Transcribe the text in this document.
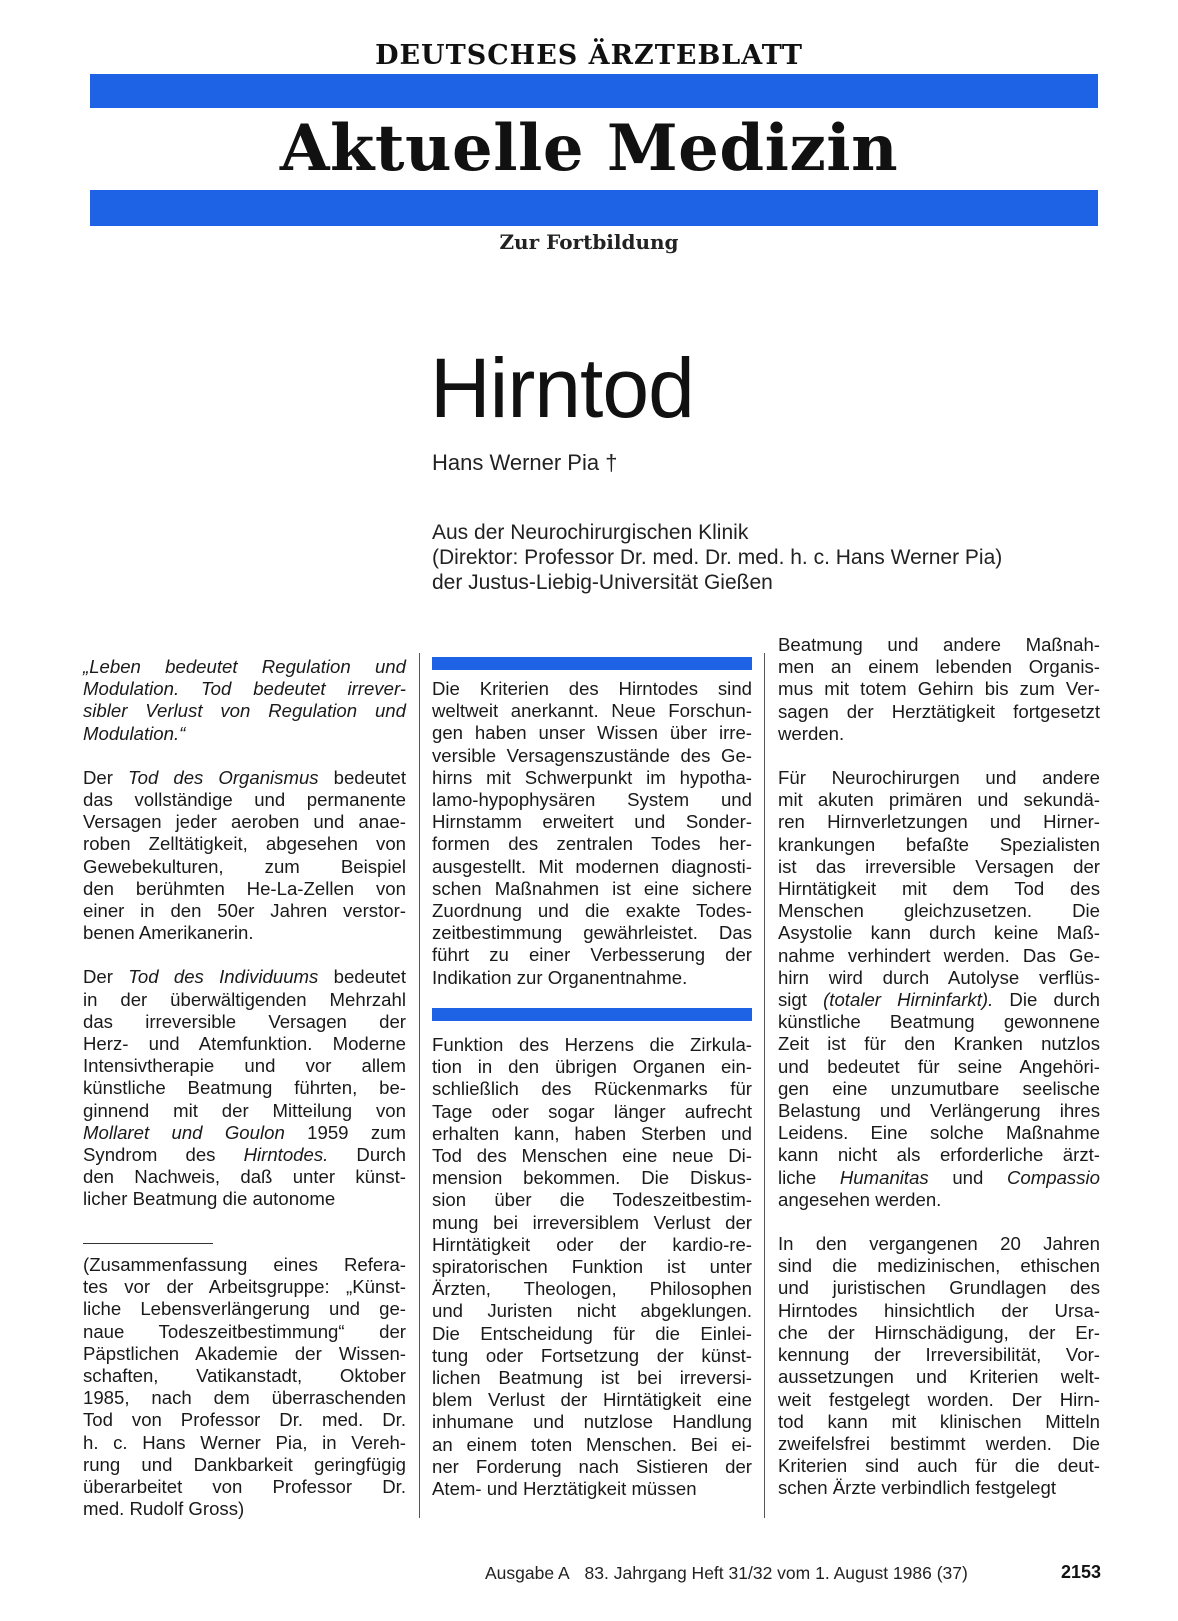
DEUTSCHES ÄRZTEBLATT
Aktuelle Medizin
Zur Fortbildung
Hirntod
Hans Werner Pia †
Aus der Neurochirurgischen Klinik
(Direktor: Professor Dr. med. Dr. med. h. c. Hans Werner Pia)
der Justus-Liebig-Universität Gießen

„Leben bedeutet Regulation und
Modulation. Tod bedeutet irrever-
sibler Verlust von Regulation und
Modulation.“

Der Tod des Organismus bedeutet
das vollständige und permanente
Versagen jeder aeroben und anae-
roben Zelltätigkeit, abgesehen von
Gewebekulturen, zum Beispiel
den berühmten He-La-Zellen von
einer in den 50er Jahren verstor-
benen Amerikanerin.

Der Tod des Individuums bedeutet
in der überwältigenden Mehrzahl
das irreversible Versagen der
Herz- und Atemfunktion. Moderne
Intensivtherapie und vor allem
künstliche Beatmung führten, be-
ginnend mit der Mitteilung von
Mollaret und Goulon 1959 zum
Syndrom des Hirntodes. Durch
den Nachweis, daß unter künst-
licher Beatmung die autonome

(Zusammenfassung eines Refera-
tes vor der Arbeitsgruppe: „Künst-
liche Lebensverlängerung und ge-
naue Todeszeitbestimmung“ der
Päpstlichen Akademie der Wissen-
schaften, Vatikanstadt, Oktober
1985, nach dem überraschenden
Tod von Professor Dr. med. Dr.
h. c. Hans Werner Pia, in Vereh-
rung und Dankbarkeit geringfügig
überarbeitet von Professor Dr.
med. Rudolf Gross)

Die Kriterien des Hirntodes sind
weltweit anerkannt. Neue Forschun-
gen haben unser Wissen über irre-
versible Versagenszustände des Ge-
hirns mit Schwerpunkt im hypotha-
lamo-hypophysären System und
Hirnstamm erweitert und Sonder-
formen des zentralen Todes her-
ausgestellt. Mit modernen diagnosti-
schen Maßnahmen ist eine sichere
Zuordnung und die exakte Todes-
zeitbestimmung gewährleistet. Das
führt zu einer Verbesserung der
Indikation zur Organentnahme.

Funktion des Herzens die Zirkula-
tion in den übrigen Organen ein-
schließlich des Rückenmarks für
Tage oder sogar länger aufrecht
erhalten kann, haben Sterben und
Tod des Menschen eine neue Di-
mension bekommen. Die Diskus-
sion über die Todeszeitbestim-
mung bei irreversiblem Verlust der
Hirntätigkeit oder der kardio-re-
spiratorischen Funktion ist unter
Ärzten, Theologen, Philosophen
und Juristen nicht abgeklungen.
Die Entscheidung für die Einlei-
tung oder Fortsetzung der künst-
lichen Beatmung ist bei irreversi-
blem Verlust der Hirntätigkeit eine
inhumane und nutzlose Handlung
an einem toten Menschen. Bei ei-
ner Forderung nach Sistieren der
Atem- und Herztätigkeit müssen

Beatmung und andere Maßnah-
men an einem lebenden Organis-
mus mit totem Gehirn bis zum Ver-
sagen der Herztätigkeit fortgesetzt
werden.

Für Neurochirurgen und andere
mit akuten primären und sekundä-
ren Hirnverletzungen und Hirner-
krankungen befaßte Spezialisten
ist das irreversible Versagen der
Hirntätigkeit mit dem Tod des
Menschen gleichzusetzen. Die
Asystolie kann durch keine Maß-
nahme verhindert werden. Das Ge-
hirn wird durch Autolyse verflüs-
sigt (totaler Hirninfarkt). Die durch
künstliche Beatmung gewonnene
Zeit ist für den Kranken nutzlos
und bedeutet für seine Angehöri-
gen eine unzumutbare seelische
Belastung und Verlängerung ihres
Leidens. Eine solche Maßnahme
kann nicht als erforderliche ärzt-
liche Humanitas und Compassio
angesehen werden.

In den vergangenen 20 Jahren
sind die medizinischen, ethischen
und juristischen Grundlagen des
Hirntodes hinsichtlich der Ursa-
che der Hirnschädigung, der Er-
kennung der Irreversibilität, Vor-
aussetzungen und Kriterien welt-
weit festgelegt worden. Der Hirn-
tod kann mit klinischen Mitteln
zweifelsfrei bestimmt werden. Die
Kriterien sind auch für die deut-
schen Ärzte verbindlich festgelegt

Ausgabe A 83. Jahrgang Heft 31/32 vom 1. August 1986 (37)	2153
